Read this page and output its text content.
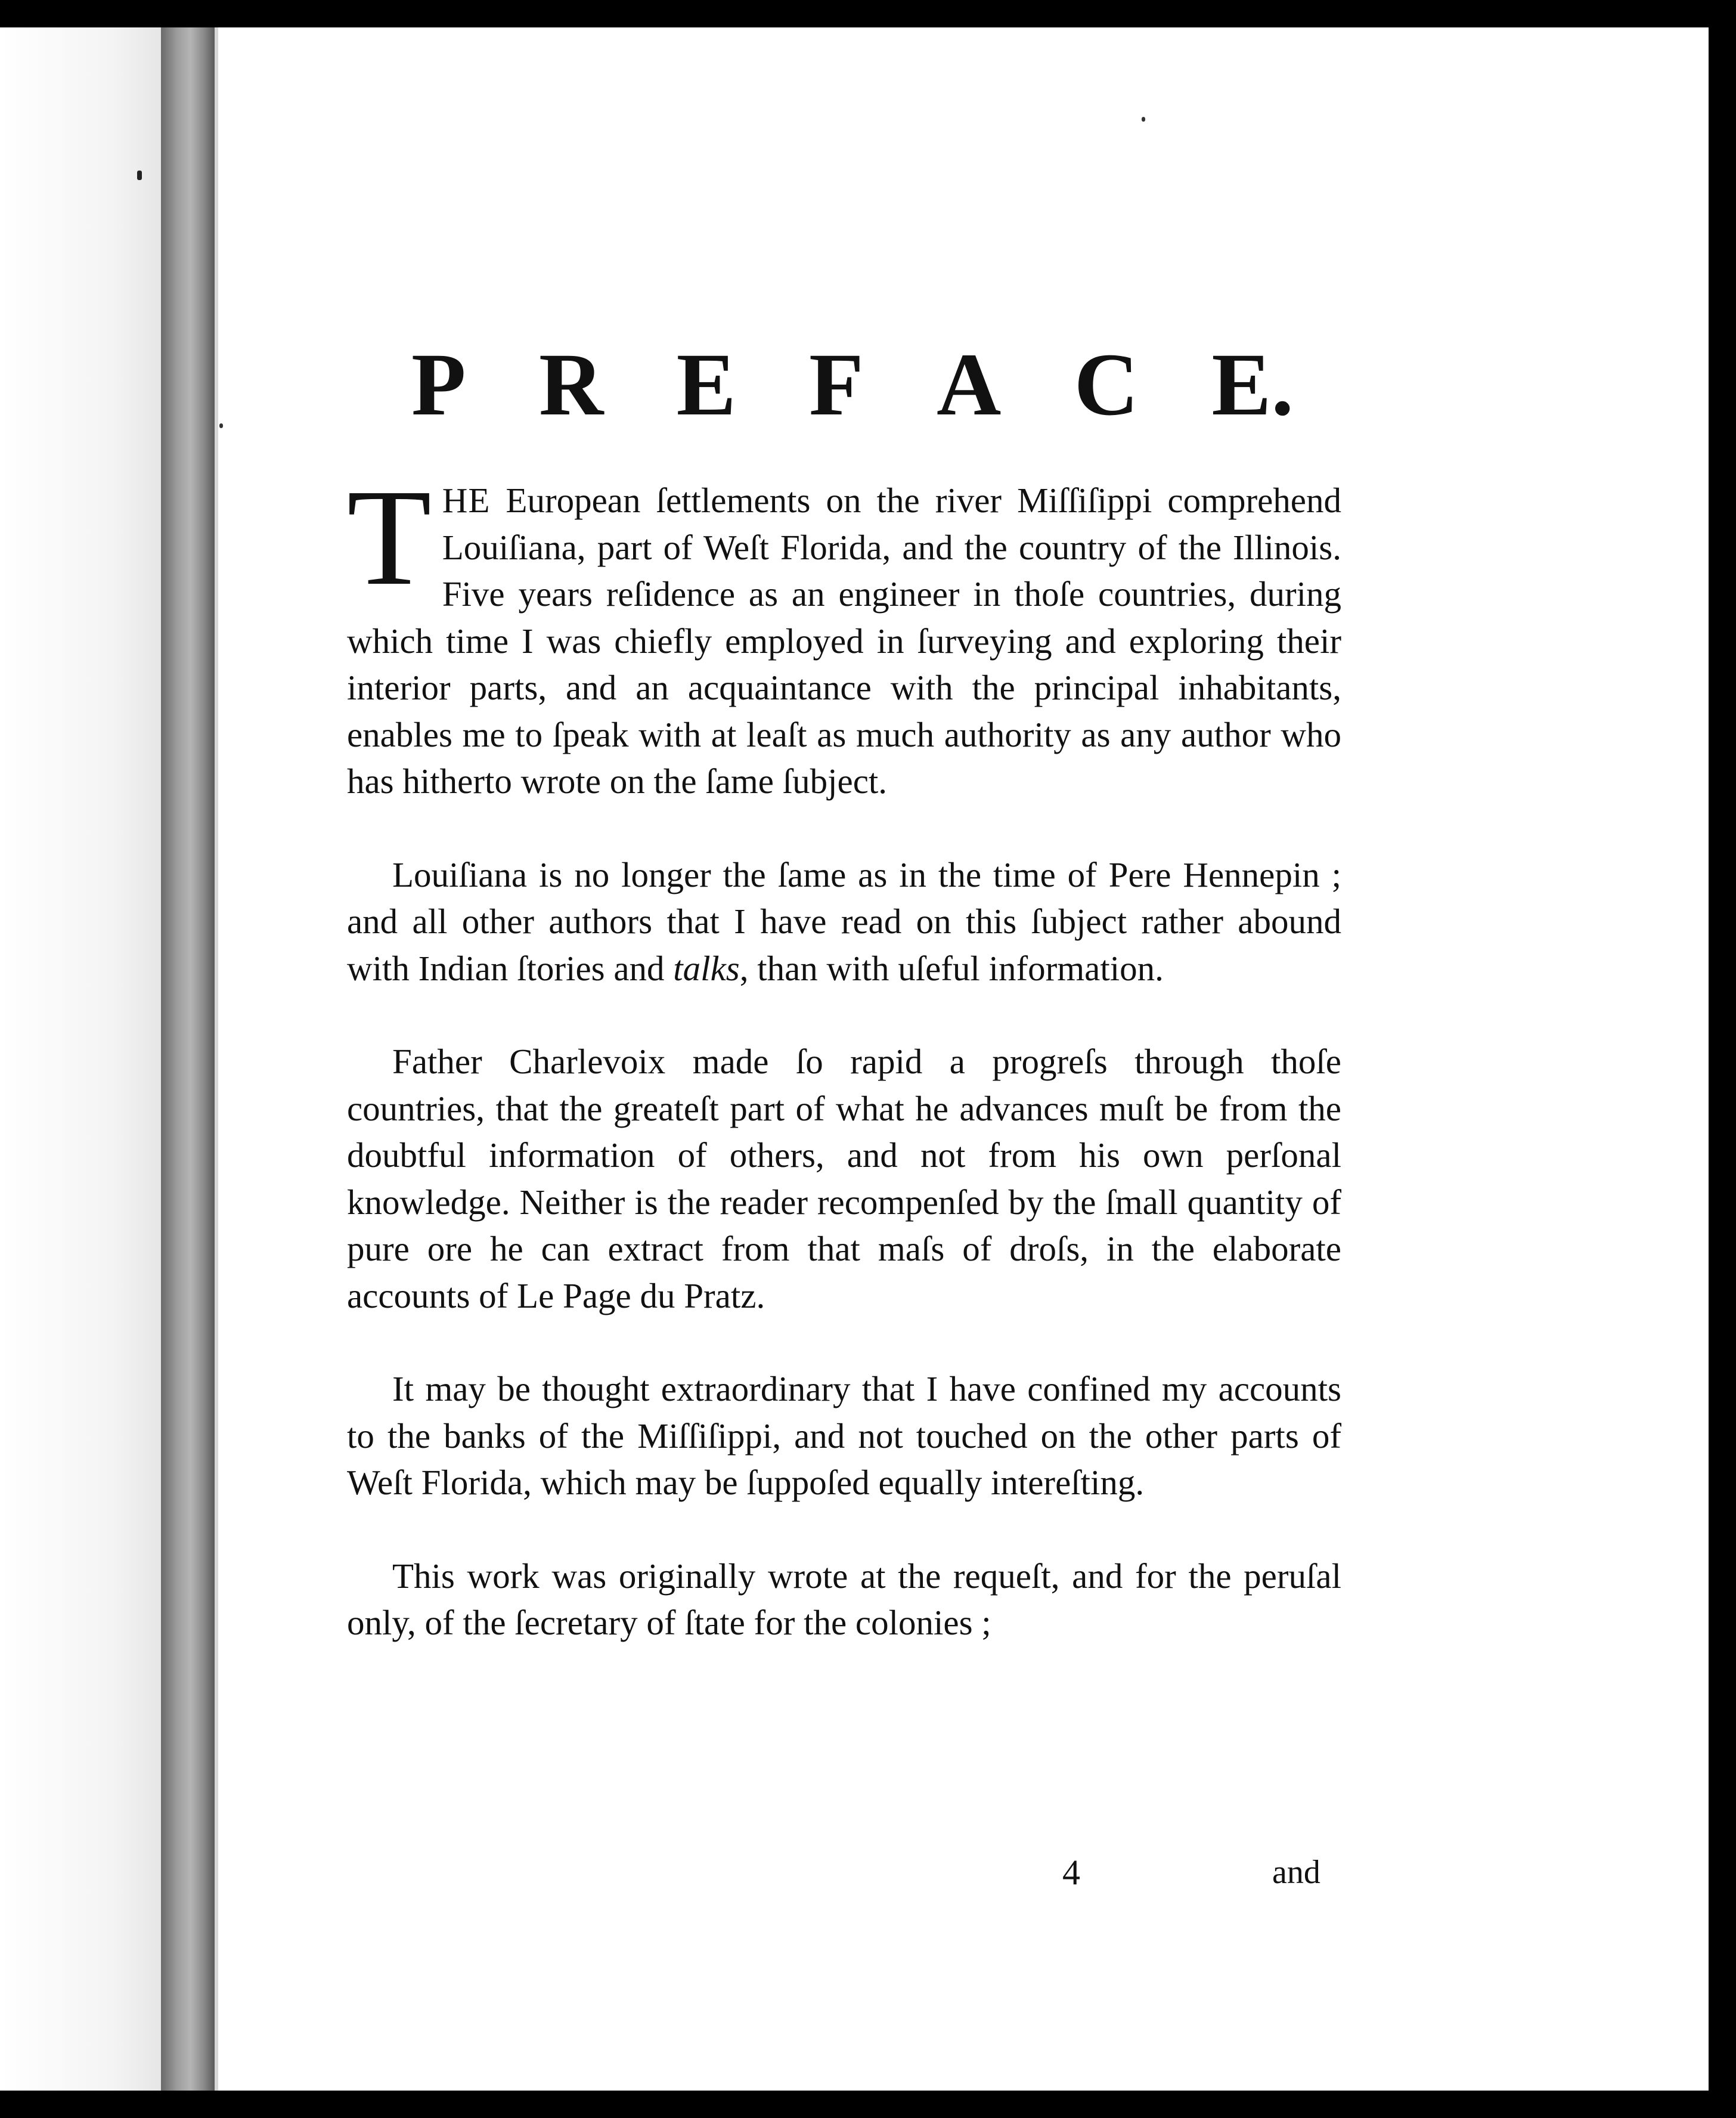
P R E F A C E.

THE European ſettlements on the river Miſſiſippi comprehend Louiſiana, part of Weſt Florida, and the country of the Illinois. Five years reſidence as an engineer in thoſe countries, during which time I was chiefly employed in ſurveying and exploring their interior parts, and an acquaintance with the principal inhabitants, enables me to ſpeak with at leaſt as much authority as any author who has hitherto wrote on the ſame ſubject.

Louiſiana is no longer the ſame as in the time of Pere Hennepin ; and all other authors that I have read on this ſubject rather abound with Indian ſtories and talks, than with uſeful information.

Father Charlevoix made ſo rapid a progreſs through thoſe countries, that the greateſt part of what he advances muſt be from the doubtful information of others, and not from his own perſonal knowledge. Neither is the reader recompenſed by the ſmall quantity of pure ore he can extract from that maſs of droſs, in the elaborate accounts of Le Page du Pratz.

It may be thought extraordinary that I have confined my accounts to the banks of the Miſſiſippi, and not touched on the other parts of Weſt Florida, which may be ſuppoſed equally intereſting.

This work was originally wrote at the requeſt, and for the peruſal only, of the ſecretary of ſtate for the colonies ;

4	and
